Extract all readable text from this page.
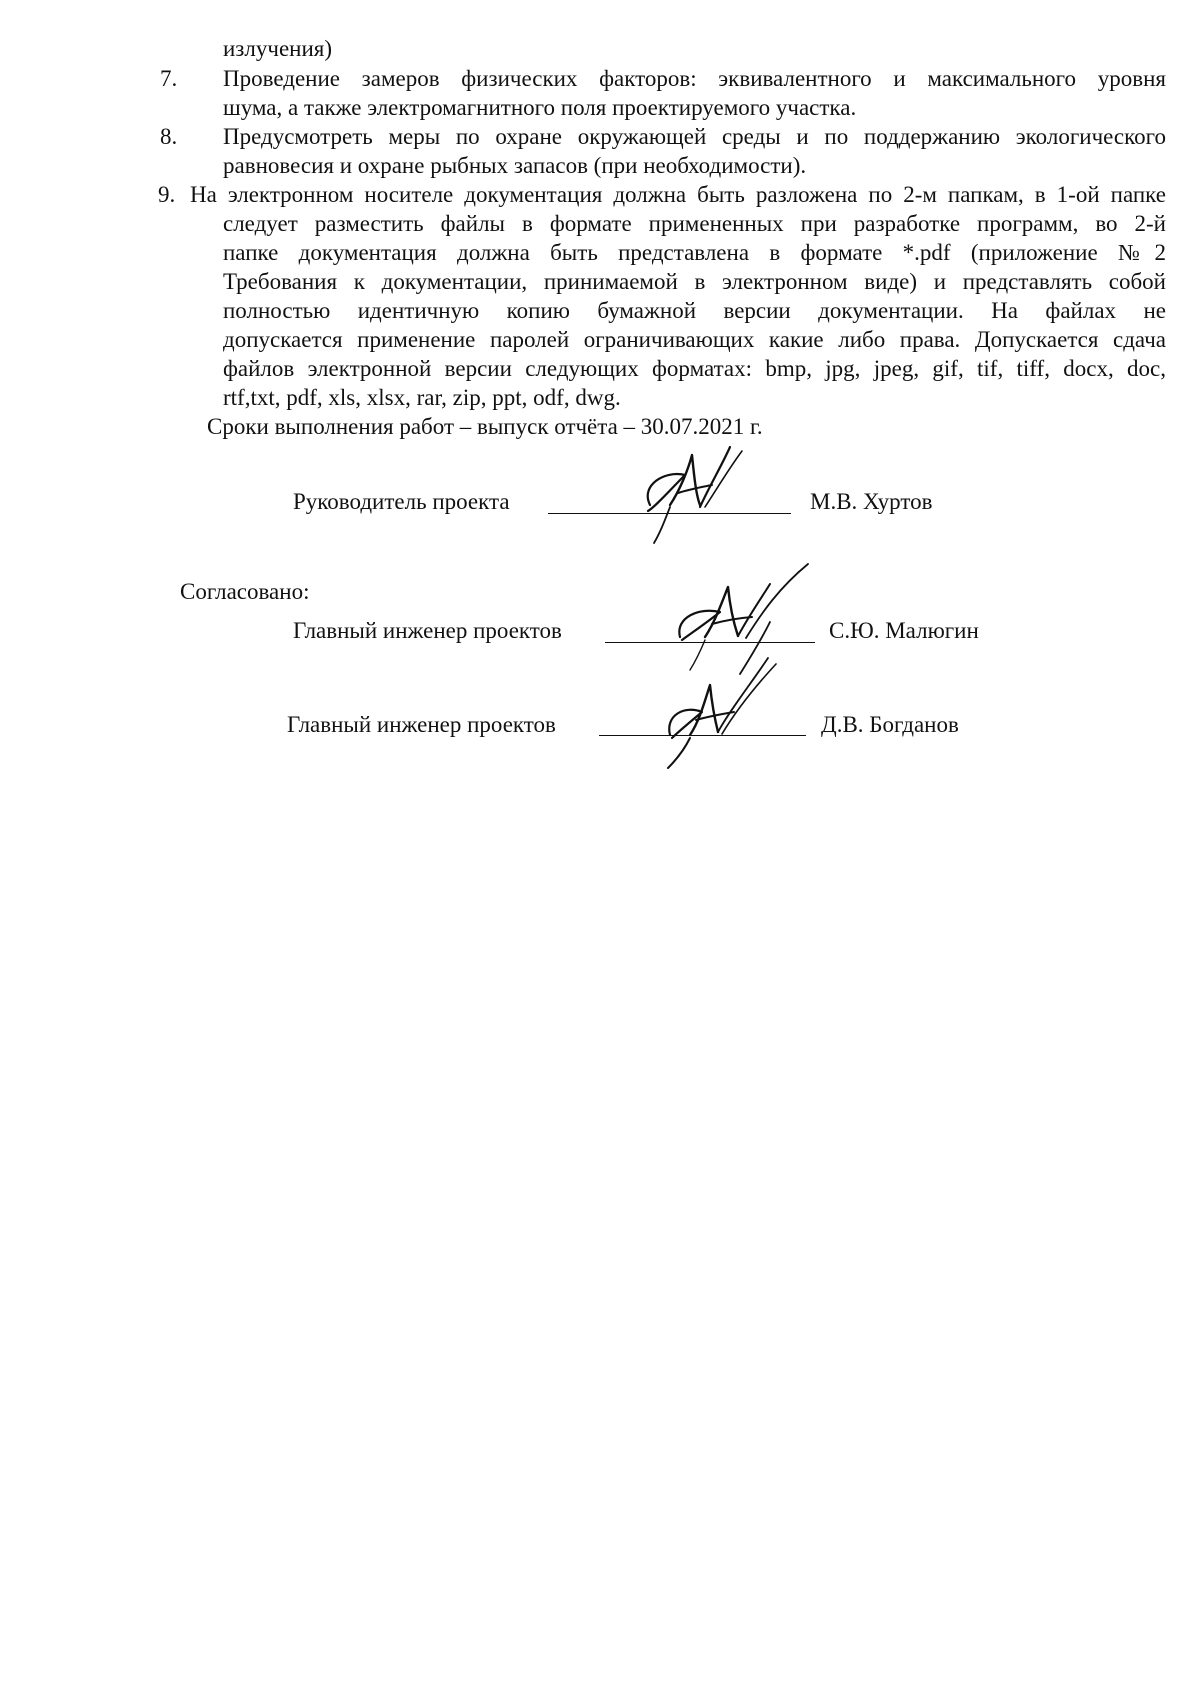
излучения)
7. Проведение замеров физических факторов: эквивалентного и максимального уровня
шума, а также электромагнитного поля проектируемого участка.
8. Предусмотреть меры по охране окружающей среды и по поддержанию экологического
равновесия и охране рыбных запасов (при необходимости).
9. На электронном носителе документация должна быть разложена по 2-м папкам, в 1-ой папке
следует разместить файлы в формате примененных при разработке программ, во 2-й
папке документация должна быть представлена в формате *.pdf (приложение №2
Требования к документации, принимаемой в электронном виде) и представлять собой
полностью идентичную копию бумажной версии документации. На файлах не
допускается применение паролей ограничивающих какие либо права. Допускается сдача
файлов электронной версии следующих форматах: bmp, jpg, jpeg, gif, tif, tiff, docx, doc,
rtf,txt, pdf, xls, xlsx, rar, zip, ppt, odf, dwg.
Сроки выполнения работ – выпуск отчёта – 30.07.2021 г.
Руководитель проекта	М.В. Хуртов
Согласовано:
Главный инженер проектов	С.Ю. Малюгин
Главный инженер проектов	Д.В. Богданов
